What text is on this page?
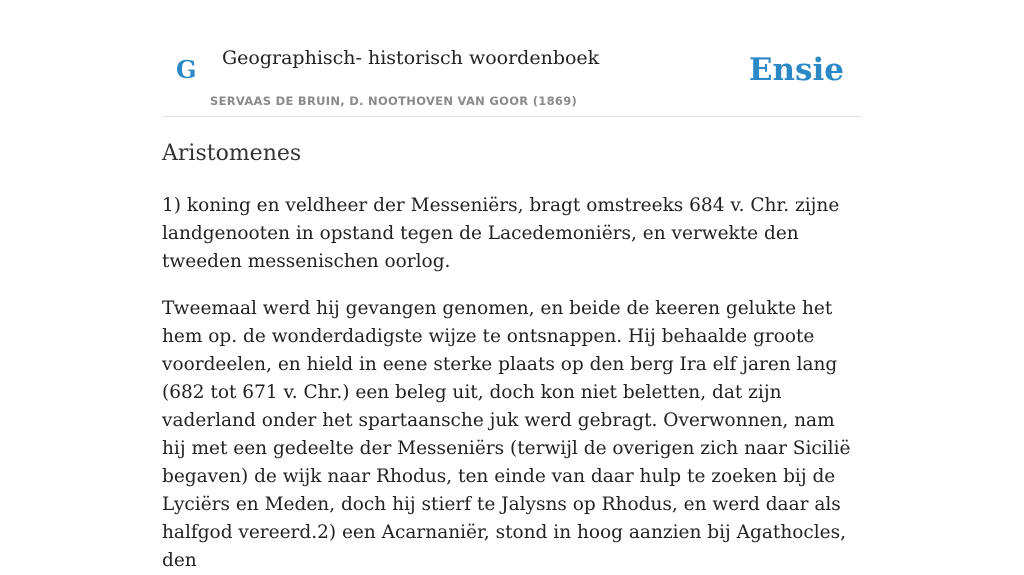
G Geographisch- historisch woordenboek
SERVAAS DE BRUIN, D. NOOTHOVEN VAN GOOR (1869)
Ensie
Aristomenes

1) koning en veldheer der Messeniërs, bragt omstreeks 684 v. Chr. zijne landgenooten in opstand tegen de Lacedemoniërs, en verwekte den tweeden messenischen oorlog.

Tweemaal werd hij gevangen genomen, en beide de keeren gelukte het hem op. de wonderdadigste wijze te ontsnappen. Hij behaalde groote voordeelen, en hield in eene sterke plaats op den berg Ira elf jaren lang (682 tot 671 v. Chr.) een beleg uit, doch kon niet beletten, dat zijn vaderland onder het spartaansche juk werd gebragt. Overwonnen, nam hij met een gedeelte der Messeniërs (terwijl de overigen zich naar Sicilië begaven) de wijk naar Rhodus, ten einde van daar hulp te zoeken bij de Lyciërs en Meden, doch hij stierf te Jalysns op Rhodus, en werd daar als halfgod vereerd.2) een Acarnaniër, stond in hoog aanzien bij Agathocles, den
